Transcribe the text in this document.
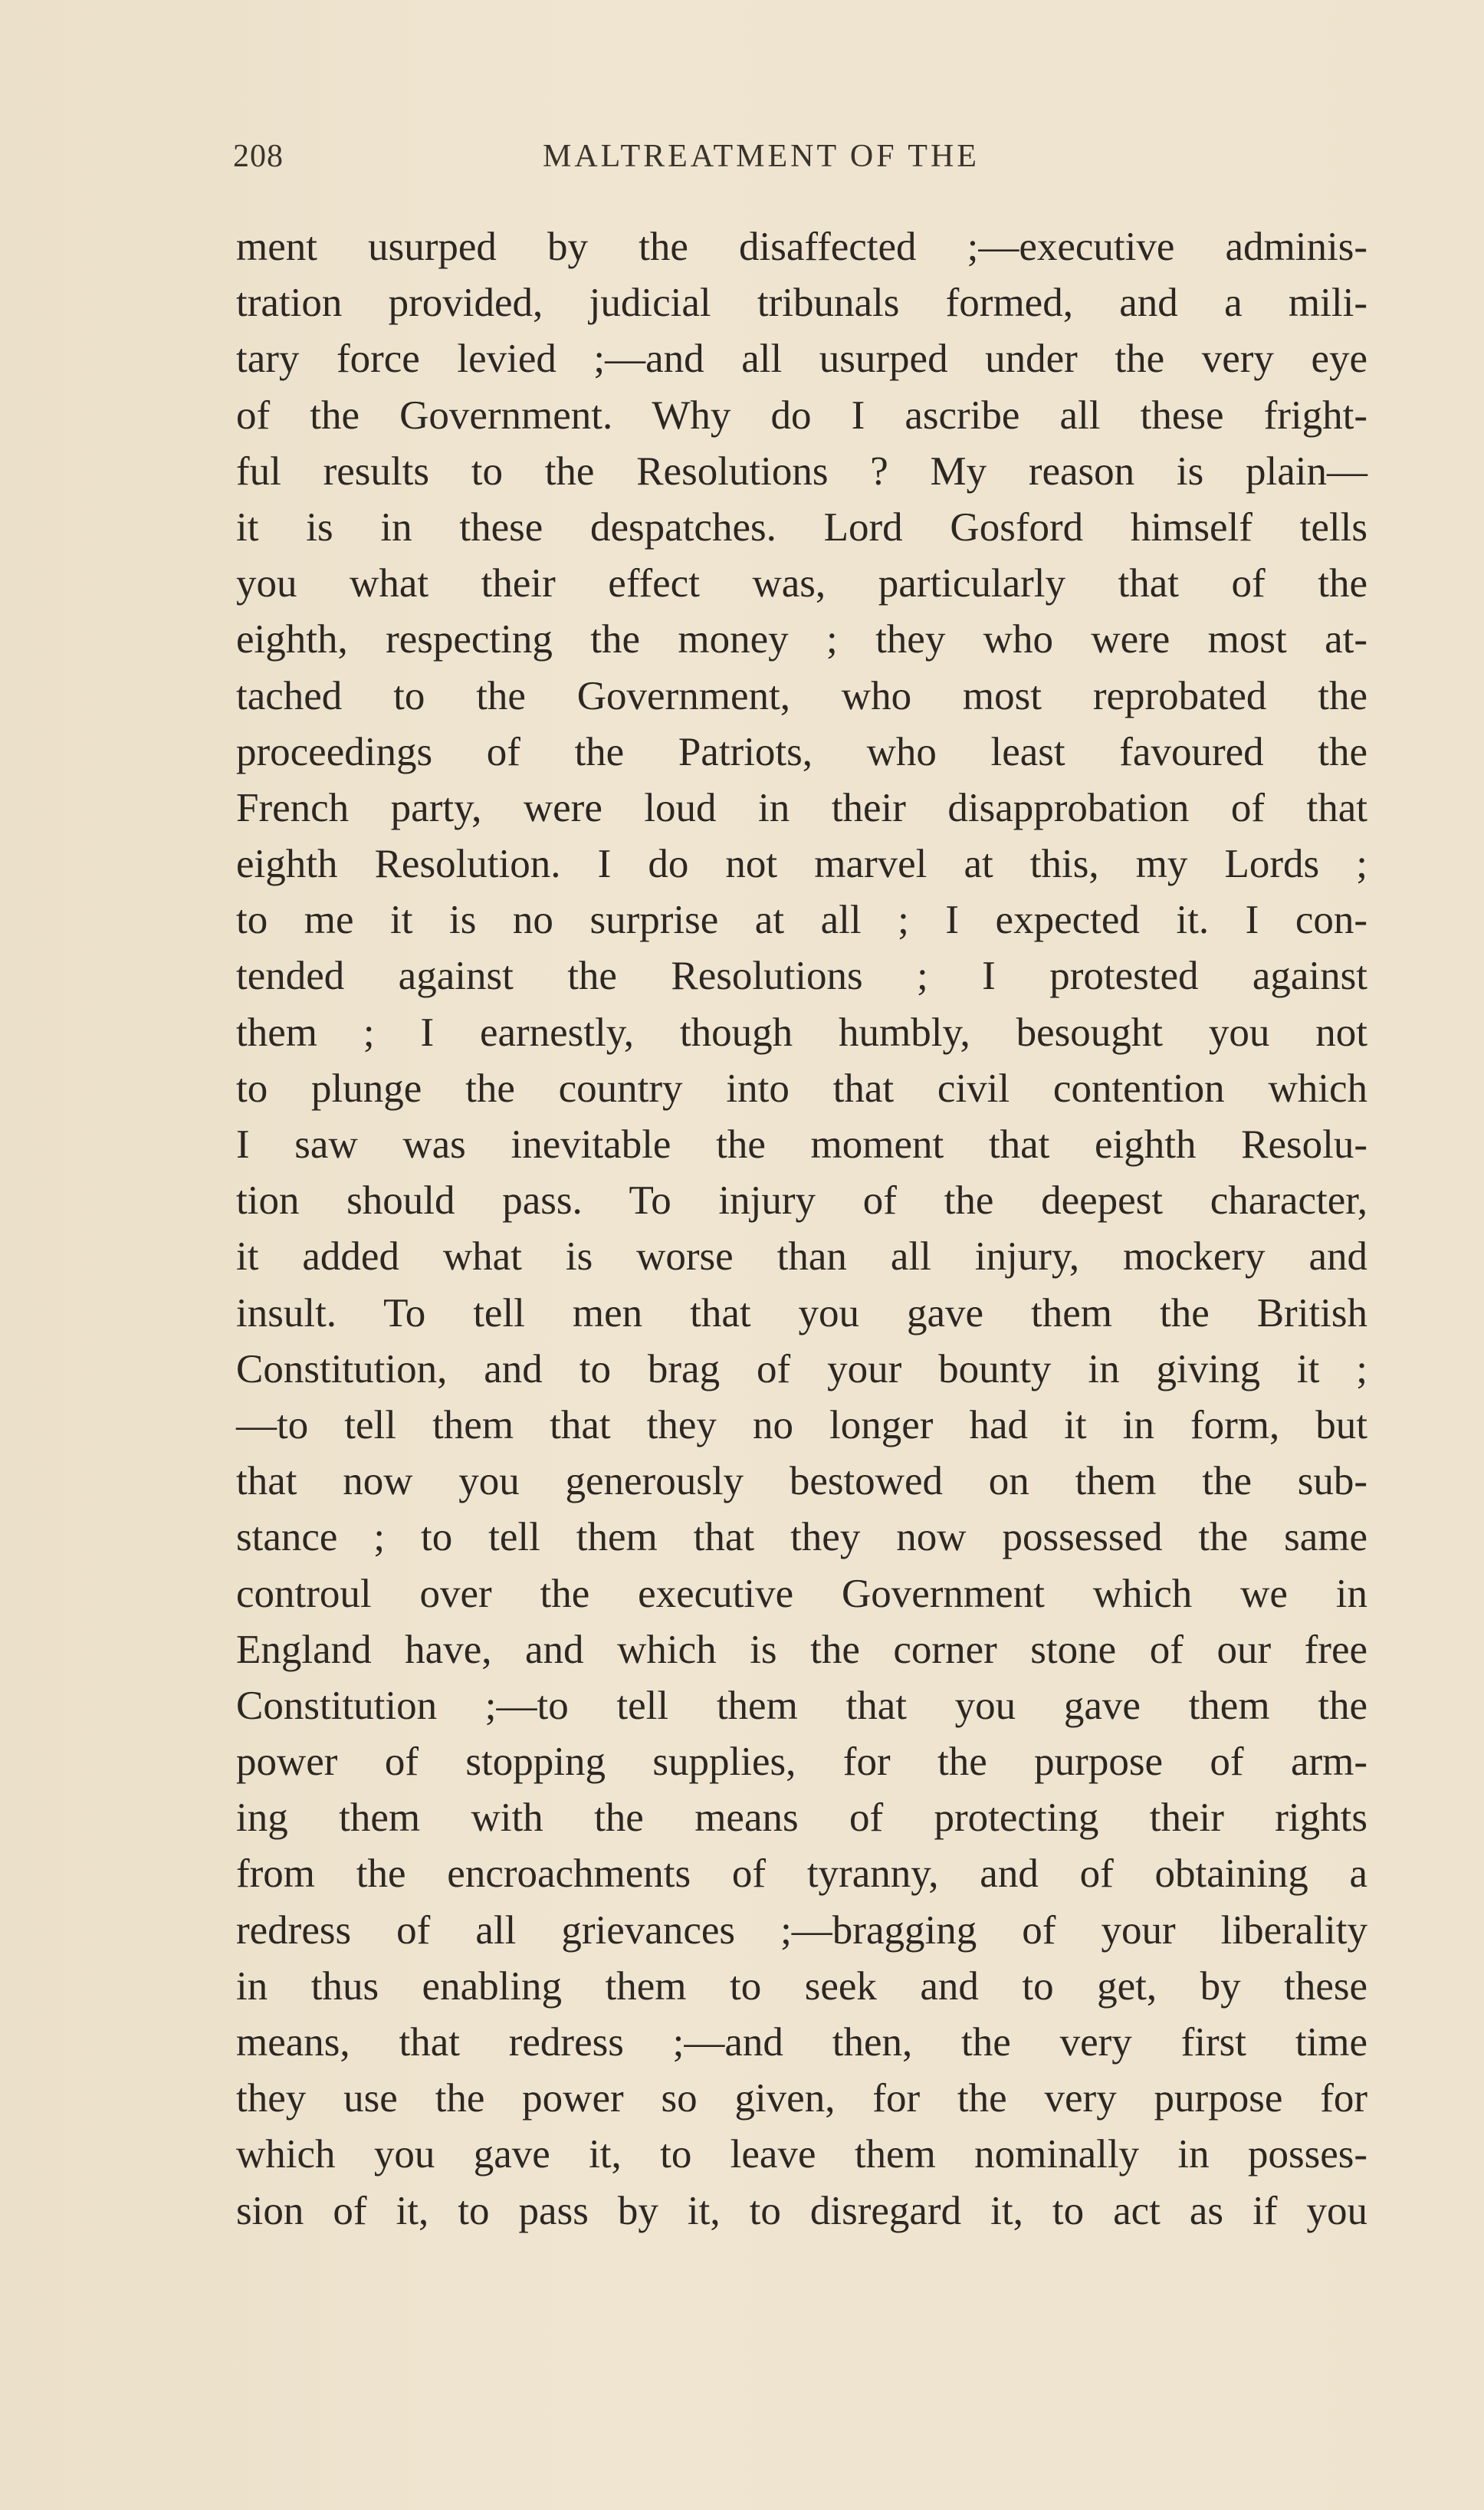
208	MALTREATMENT OF THE
ment usurped by the disaffected ;—executive adminis-
tration provided, judicial tribunals formed, and a mili-
tary force levied ;—and all usurped under the very eye
of the Government. Why do I ascribe all these fright-
ful results to the Resolutions ? My reason is plain—
it is in these despatches. Lord Gosford himself tells
you what their effect was, particularly that of the
eighth, respecting the money ; they who were most at-
tached to the Government, who most reprobated the
proceedings of the Patriots, who least favoured the
French party, were loud in their disapprobation of that
eighth Resolution. I do not marvel at this, my Lords ;
to me it is no surprise at all ; I expected it. I con-
tended against the Resolutions ; I protested against
them ; I earnestly, though humbly, besought you not
to plunge the country into that civil contention which
I saw was inevitable the moment that eighth Resolu-
tion should pass. To injury of the deepest character,
it added what is worse than all injury, mockery and
insult. To tell men that you gave them the British
Constitution, and to brag of your bounty in giving it ;
—to tell them that they no longer had it in form, but
that now you generously bestowed on them the sub-
stance ; to tell them that they now possessed the same
controul over the executive Government which we in
England have, and which is the corner stone of our free
Constitution ;—to tell them that you gave them the
power of stopping supplies, for the purpose of arm-
ing them with the means of protecting their rights
from the encroachments of tyranny, and of obtaining a
redress of all grievances ;—bragging of your liberality
in thus enabling them to seek and to get, by these
means, that redress ;—and then, the very first time
they use the power so given, for the very purpose for
which you gave it, to leave them nominally in posses-
sion of it, to pass by it, to disregard it, to act as if you
